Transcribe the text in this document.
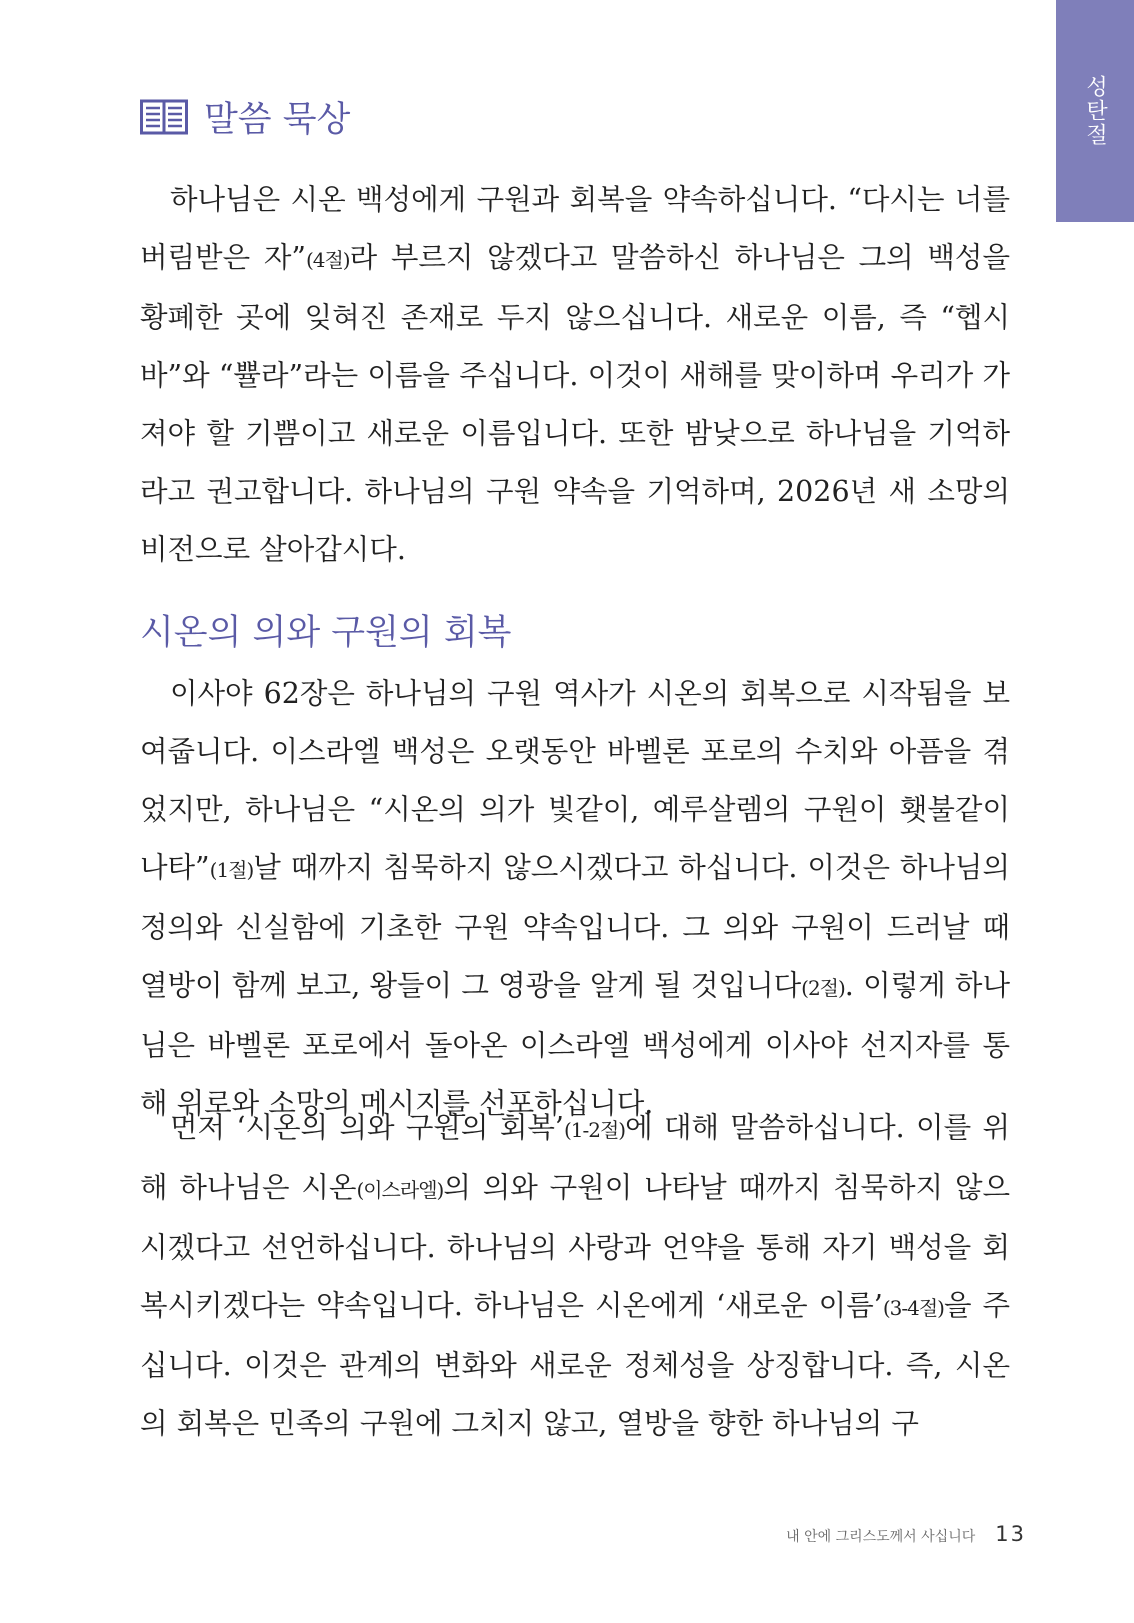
성탄절
말씀 묵상

하나님은 시온 백성에게 구원과 회복을 약속하십니다. “다시는 너를 버림받은 자”(4절)라 부르지 않겠다고 말씀하신 하나님은 그의 백성을 황폐한 곳에 잊혀진 존재로 두지 않으십니다. 새로운 이름, 즉 “헵시바”와 “쁄라”라는 이름을 주십니다. 이것이 새해를 맞이하며 우리가 가져야 할 기쁨이고 새로운 이름입니다. 또한 밤낮으로 하나님을 기억하라고 권고합니다. 하나님의 구원 약속을 기억하며, 2026년 새 소망의 비전으로 살아갑시다.

시온의 의와 구원의 회복

이사야 62장은 하나님의 구원 역사가 시온의 회복으로 시작됨을 보여줍니다. 이스라엘 백성은 오랫동안 바벨론 포로의 수치와 아픔을 겪었지만, 하나님은 “시온의 의가 빛같이, 예루살렘의 구원이 횃불같이 나타”(1절)날 때까지 침묵하지 않으시겠다고 하십니다. 이것은 하나님의 정의와 신실함에 기초한 구원 약속입니다. 그 의와 구원이 드러날 때 열방이 함께 보고, 왕들이 그 영광을 알게 될 것입니다(2절). 이렇게 하나님은 바벨론 포로에서 돌아온 이스라엘 백성에게 이사야 선지자를 통해 위로와 소망의 메시지를 선포하십니다.

먼저 ‘시온의 의와 구원의 회복’(1-2절)에 대해 말씀하십니다. 이를 위해 하나님은 시온(이스라엘)의 의와 구원이 나타날 때까지 침묵하지 않으시겠다고 선언하십니다. 하나님의 사랑과 언약을 통해 자기 백성을 회복시키겠다는 약속입니다. 하나님은 시온에게 ‘새로운 이름’(3-4절)을 주십니다. 이것은 관계의 변화와 새로운 정체성을 상징합니다. 즉, 시온의 회복은 민족의 구원에 그치지 않고, 열방을 향한 하나님의 구

내 안에 그리스도께서 사십니다 13
